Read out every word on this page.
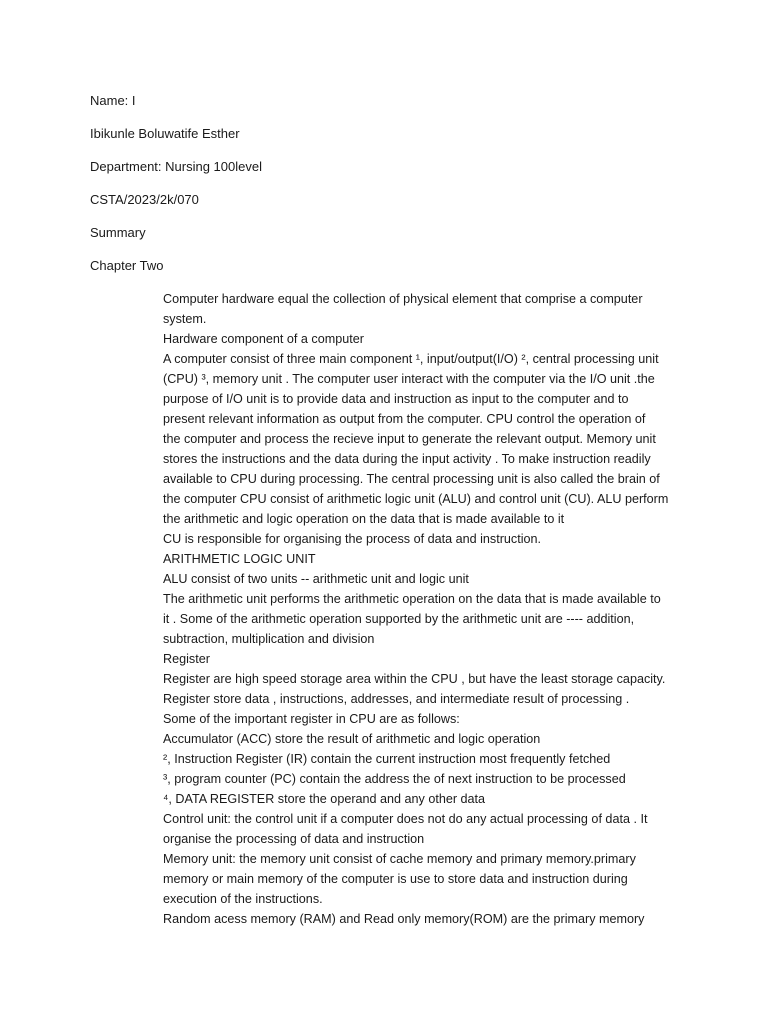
Name: I
Ibikunle Boluwatife Esther
Department: Nursing 100level
CSTA/2023/2k/070
Summary
Chapter Two
Computer hardware equal the collection of physical element that comprise a computer
system.
Hardware component of a computer
A computer consist of three main component ¹, input/output(I/O) ², central processing unit
(CPU) ³, memory unit . The computer user interact with the computer via the I/O unit .the
purpose of I/O unit is to provide data and instruction as input to the computer and to
present relevant information as output from the computer. CPU control the operation of
the computer and process the recieve input to generate the relevant output. Memory unit
stores the instructions and the data during the input activity . To make instruction readily
available to CPU during processing. The central processing unit is also called the brain of
the computer CPU consist of arithmetic logic unit (ALU) and control unit (CU). ALU perform
the arithmetic and logic operation on the data that is made available to it
CU is responsible for organising the process of data and instruction.
ARITHMETIC LOGIC UNIT
ALU consist of two units -- arithmetic unit and logic unit
The arithmetic unit performs the arithmetic operation on the data that is made available to
it . Some of the arithmetic operation supported by the arithmetic unit are ---- addition,
subtraction, multiplication and division
Register
Register are high speed storage area within the CPU , but have the least storage capacity.
Register store data , instructions, addresses, and intermediate result of processing .
Some of the important register in CPU are as follows:
Accumulator (ACC) store the result of arithmetic and logic operation
², Instruction Register (IR) contain the current instruction most frequently fetched
³, program counter (PC) contain the address the of next instruction to be processed
⁴, DATA REGISTER store the operand and any other data
Control unit: the control unit if a computer does not do any actual processing of data . It
organise the processing of data and instruction
Memory unit: the memory unit consist of cache memory and primary memory.primary
memory or main memory of the computer is use to store data and instruction during
execution of the instructions.
Random acess memory (RAM) and Read only memory(ROM) are the primary memory
